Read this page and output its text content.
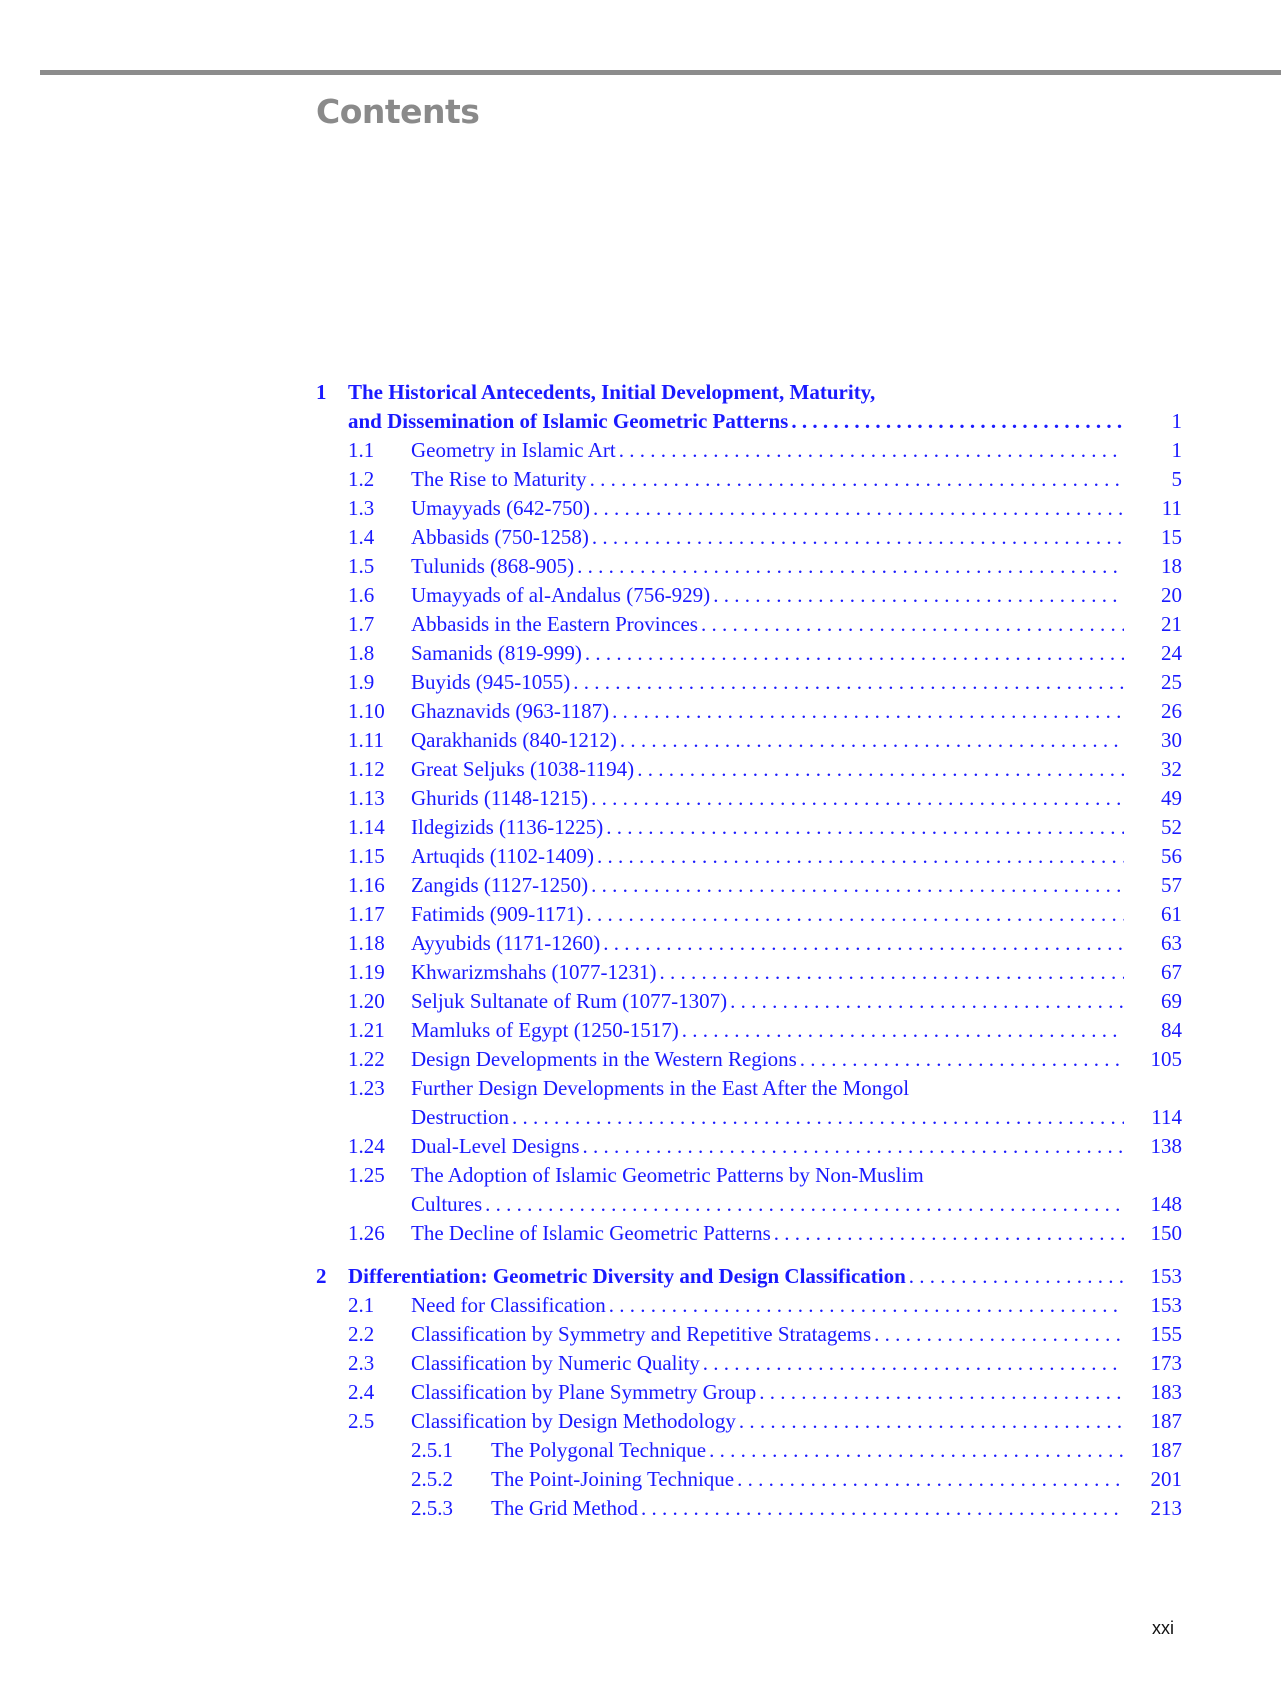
Contents
1 The Historical Antecedents, Initial Development, Maturity,
and Dissemination of Islamic Geometric Patterns . . .	1
1.1 Geometry in Islamic Art . . .	1
1.2 The Rise to Maturity . . .	5
1.3 Umayyads (642-750) . . .	11
1.4 Abbasids (750-1258) . . .	15
1.5 Tulunids (868-905) . . .	18
1.6 Umayyads of al-Andalus (756-929) . . .	20
1.7 Abbasids in the Eastern Provinces . . .	21
1.8 Samanids (819-999) . . .	24
1.9 Buyids (945-1055) . . .	25
1.10 Ghaznavids (963-1187) . . .	26
1.11 Qarakhanids (840-1212) . . .	30
1.12 Great Seljuks (1038-1194) . . .	32
1.13 Ghurids (1148-1215) . . .	49
1.14 Ildegizids (1136-1225) . . .	52
1.15 Artuqids (1102-1409) . . .	56
1.16 Zangids (1127-1250) . . .	57
1.17 Fatimids (909-1171) . . .	61
1.18 Ayyubids (1171-1260) . . .	63
1.19 Khwarizmshahs (1077-1231) . . .	67
1.20 Seljuk Sultanate of Rum (1077-1307) . . .	69
1.21 Mamluks of Egypt (1250-1517) . . .	84
1.22 Design Developments in the Western Regions . . .	105
1.23 Further Design Developments in the East After the Mongol
Destruction . . .	114
1.24 Dual-Level Designs . . .	138
1.25 The Adoption of Islamic Geometric Patterns by Non-Muslim
Cultures . . .	148
1.26 The Decline of Islamic Geometric Patterns . . .	150
2 Differentiation: Geometric Diversity and Design Classification . . .	153
2.1 Need for Classification . . .	153
2.2 Classification by Symmetry and Repetitive Stratagems . . .	155
2.3 Classification by Numeric Quality . . .	173
2.4 Classification by Plane Symmetry Group . . .	183
2.5 Classification by Design Methodology . . .	187
2.5.1 The Polygonal Technique . . .	187
2.5.2 The Point-Joining Technique . . .	201
2.5.3 The Grid Method . . .	213
xxi
